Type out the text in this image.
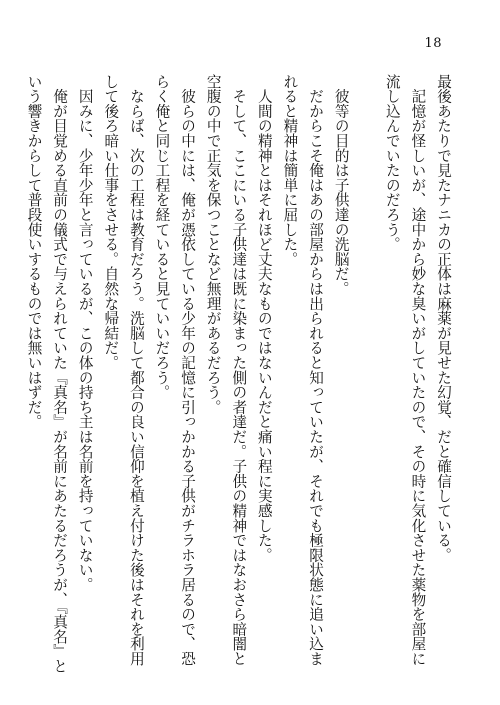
18

最後あたりで見たナニカの正体は麻薬が見せた幻覚、だと確信している。
　記憶が怪しいが、途中から妙な臭いがしていたので、その時に気化させた薬物を部屋に流し込んでいたのだろう。

　彼等の目的は子供達の洗脳だ。
　だからこそ俺はあの部屋からは出られると知っていたが、それでも極限状態に追い込まれると精神は簡単に屈した。
　人間の精神とはそれほど丈夫なものではないんだと痛い程に実感した。
　そして、ここにいる子供達は既に染まった側の者達だ。子供の精神ではなおさら暗闇と空腹の中で正気を保つことなど無理があるだろう。
　彼らの中には、俺が憑依している少年の記憶に引っかかる子供がチラホラ居るので、恐らく俺と同じ工程を経ていると見ていいだろう。
　ならば、次の工程は教育だろう。洗脳して都合の良い信仰を植え付けた後はそれを利用して後ろ暗い仕事をさせる。自然な帰結だ。
　因みに、少年少年と言っているが、この体の持ち主は名前を持っていない。
　俺が目覚める直前の儀式で与えられていた『真名』が名前にあたるだろうが、『真名』という響きからして普段使いするものでは無いはずだ。
